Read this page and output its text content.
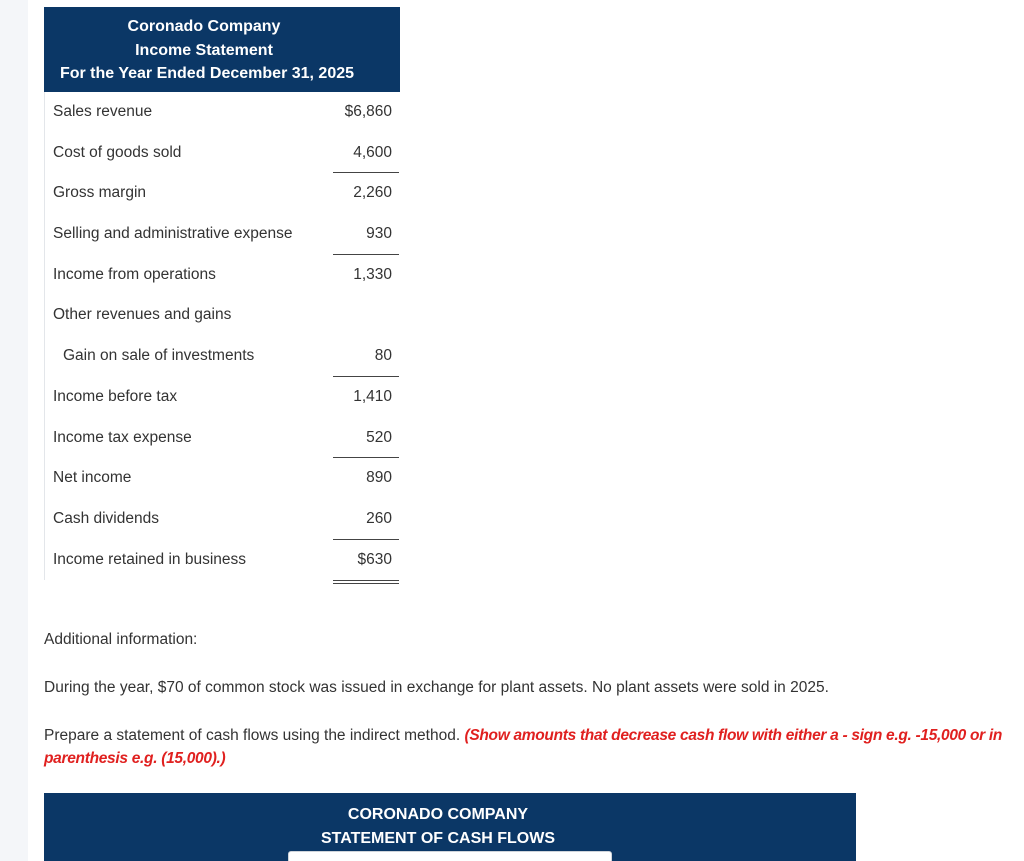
Coronado Company
Income Statement
For the Year Ended December 31, 2025
Sales revenue	$6,860
Cost of goods sold	4,600
Gross margin	2,260
Selling and administrative expense	930
Income from operations	1,330
Other revenues and gains
Gain on sale of investments	80
Income before tax	1,410
Income tax expense	520
Net income	890
Cash dividends	260
Income retained in business	$630
Additional information:
During the year, $70 of common stock was issued in exchange for plant assets. No plant assets were sold in 2025.
Prepare a statement of cash flows using the indirect method. (Show amounts that decrease cash flow with either a - sign e.g. -15,000 or in parenthesis e.g. (15,000).)
CORONADO COMPANY
STATEMENT OF CASH FLOWS
